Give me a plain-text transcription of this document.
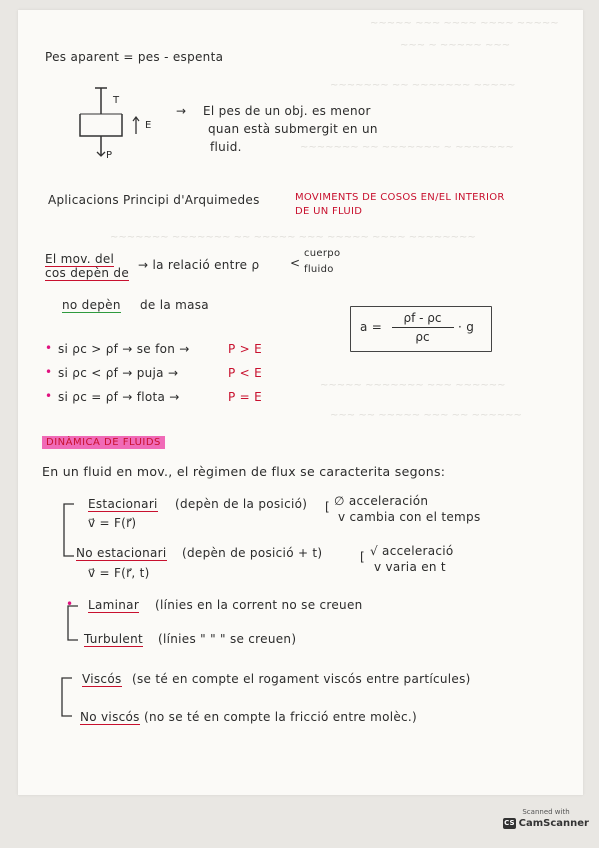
~~~~~ ~~~ ~~~~ ~~~~ ~~~~~
~~~ ~ ~~~~~ ~~~
~~~~~~~ ~~ ~~~~~~~ ~~~~~
~~~~~~~ ~~ ~~~~~~~ ~ ~~~~~~~
~~~~~~~ ~~~~~~~ ~~ ~~~~~ ~~~ ~~~~~ ~~~~ ~~~~~~~~
~~~~~ ~~~~~~~ ~~~ ~~~~~~
~~~ ~~ ~~~~~ ~~~ ~~ ~~~~~~
Pes aparent = pes - espenta
T
E
P
→ El pes de un obj. es menor
quan està submergit en un
fluid.
Aplicacions Principi d'Arquimedes	MOVIMENTS DE COSOS EN/EL INTERIOR
DE UN FLUID
El mov. del
cos depèn de
→ la relació entre ρ	<
cuerpo
fluido
no depèn de la masa
a =
ρf - ρc
ρc
· g
• si ρc > ρf → se fon →	P > E
• si ρc < ρf → puja →	P < E
• si ρc = ρf → flota →	P = E
DINÀMICA DE FLUIDS
En un fluid en mov., el règimen de flux se caracterita segons:
Estacionari (depèn de la posició)
v⃗ = F(r⃗)
[ ∅ acceleración
v cambia con el temps
No estacionari (depèn de posició + t)
v⃗ = F(r⃗, t)
[ √ acceleració
v varia en t
• Laminar (línies en la corrent no se creuen
Turbulent (línies " " " se creuen)
Viscós (se té en compte el rogament viscós entre partícules)
No viscós (no se té en compte la fricció entre molèc.)
Scanned with
CS CamScanner
